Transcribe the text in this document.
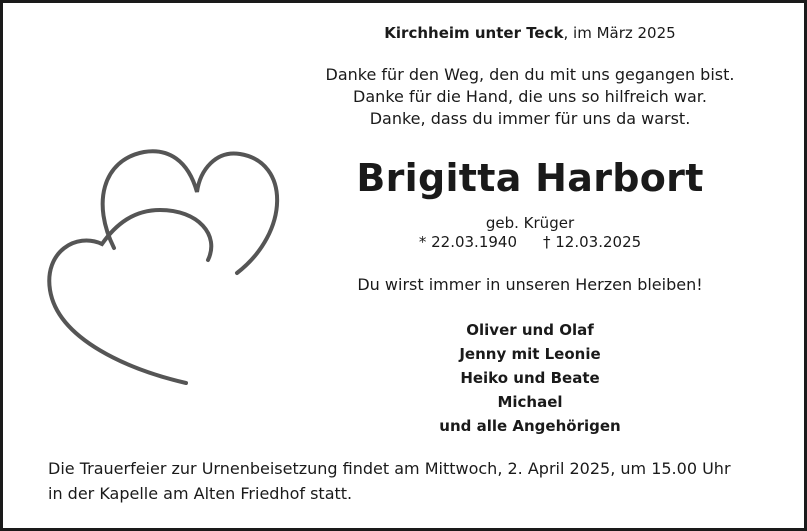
Kirchheim unter Teck, im März 2025
Danke für den Weg, den du mit uns gegangen bist.
Danke für die Hand, die uns so hilfreich war.
Danke, dass du immer für uns da warst.
Brigitta Harbort
geb. Krüger
* 22.03.1940 † 12.03.2025
Du wirst immer in unseren Herzen bleiben!
Oliver und Olaf
Jenny mit Leonie
Heiko und Beate
Michael
und alle Angehörigen
Die Trauerfeier zur Urnenbeisetzung findet am Mittwoch, 2. April 2025, um 15.00 Uhr
in der Kapelle am Alten Friedhof statt.
